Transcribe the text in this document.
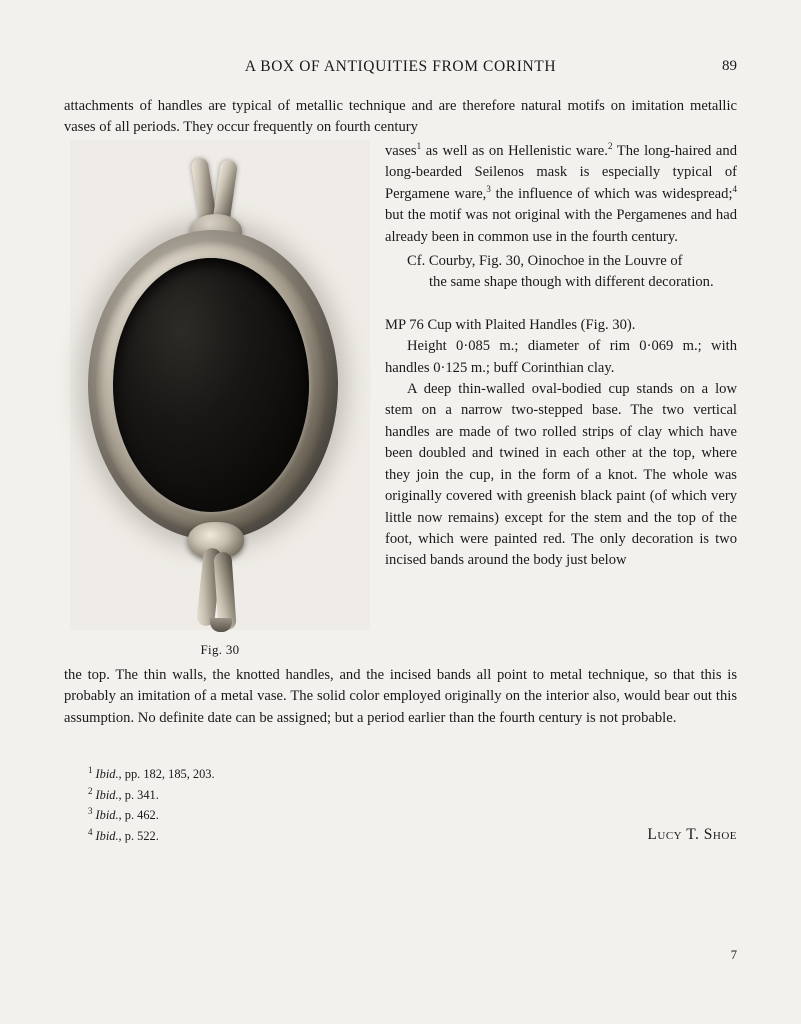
A BOX OF ANTIQUITIES FROM CORINTH	89

attachments of handles are typical of metallic technique and are therefore natural motifs on imitation metallic vases of all periods. They occur frequently on fourth century

Fig. 30

vases$^1$ as well as on Hellenistic ware.$^2$ The long-haired and long-bearded Seilenos mask is especially typical of Pergamene ware,$^3$ the influence of which was widespread;$^4$ but the motif was not original with the Pergamenes and had already been in common use in the fourth century.

Cf. Courby, Fig. 30, Oinochoe in the Louvre of
the same shape though with different decoration.

MP 76 Cup with Plaited Handles (Fig. 30).

Height 0·085 m.; diameter of rim 0·069 m.; with handles 0·125 m.; buff Corinthian clay.

A deep thin-walled oval-bodied cup stands on a low stem on a narrow two-stepped base. The two vertical handles are made of two rolled strips of clay which have been doubled and twined in each other at the top, where they join the cup, in the form of a knot. The whole was originally covered with greenish black paint (of which very little now remains) except for the stem and the top of the foot, which were painted red. The only decoration is two incised bands around the body just below

the top. The thin walls, the knotted handles, and the incised bands all point to metal technique, so that this is probably an imitation of a metal vase. The solid color employed originally on the interior also, would bear out this assumption. No definite date can be assigned; but a period earlier than the fourth century is not probable.

$^1$ Ibid., pp. 182, 185, 203.
$^2$ Ibid., p. 341.
$^3$ Ibid., p. 462.
$^4$ Ibid., p. 522.	Lucy T. Shoe
7
